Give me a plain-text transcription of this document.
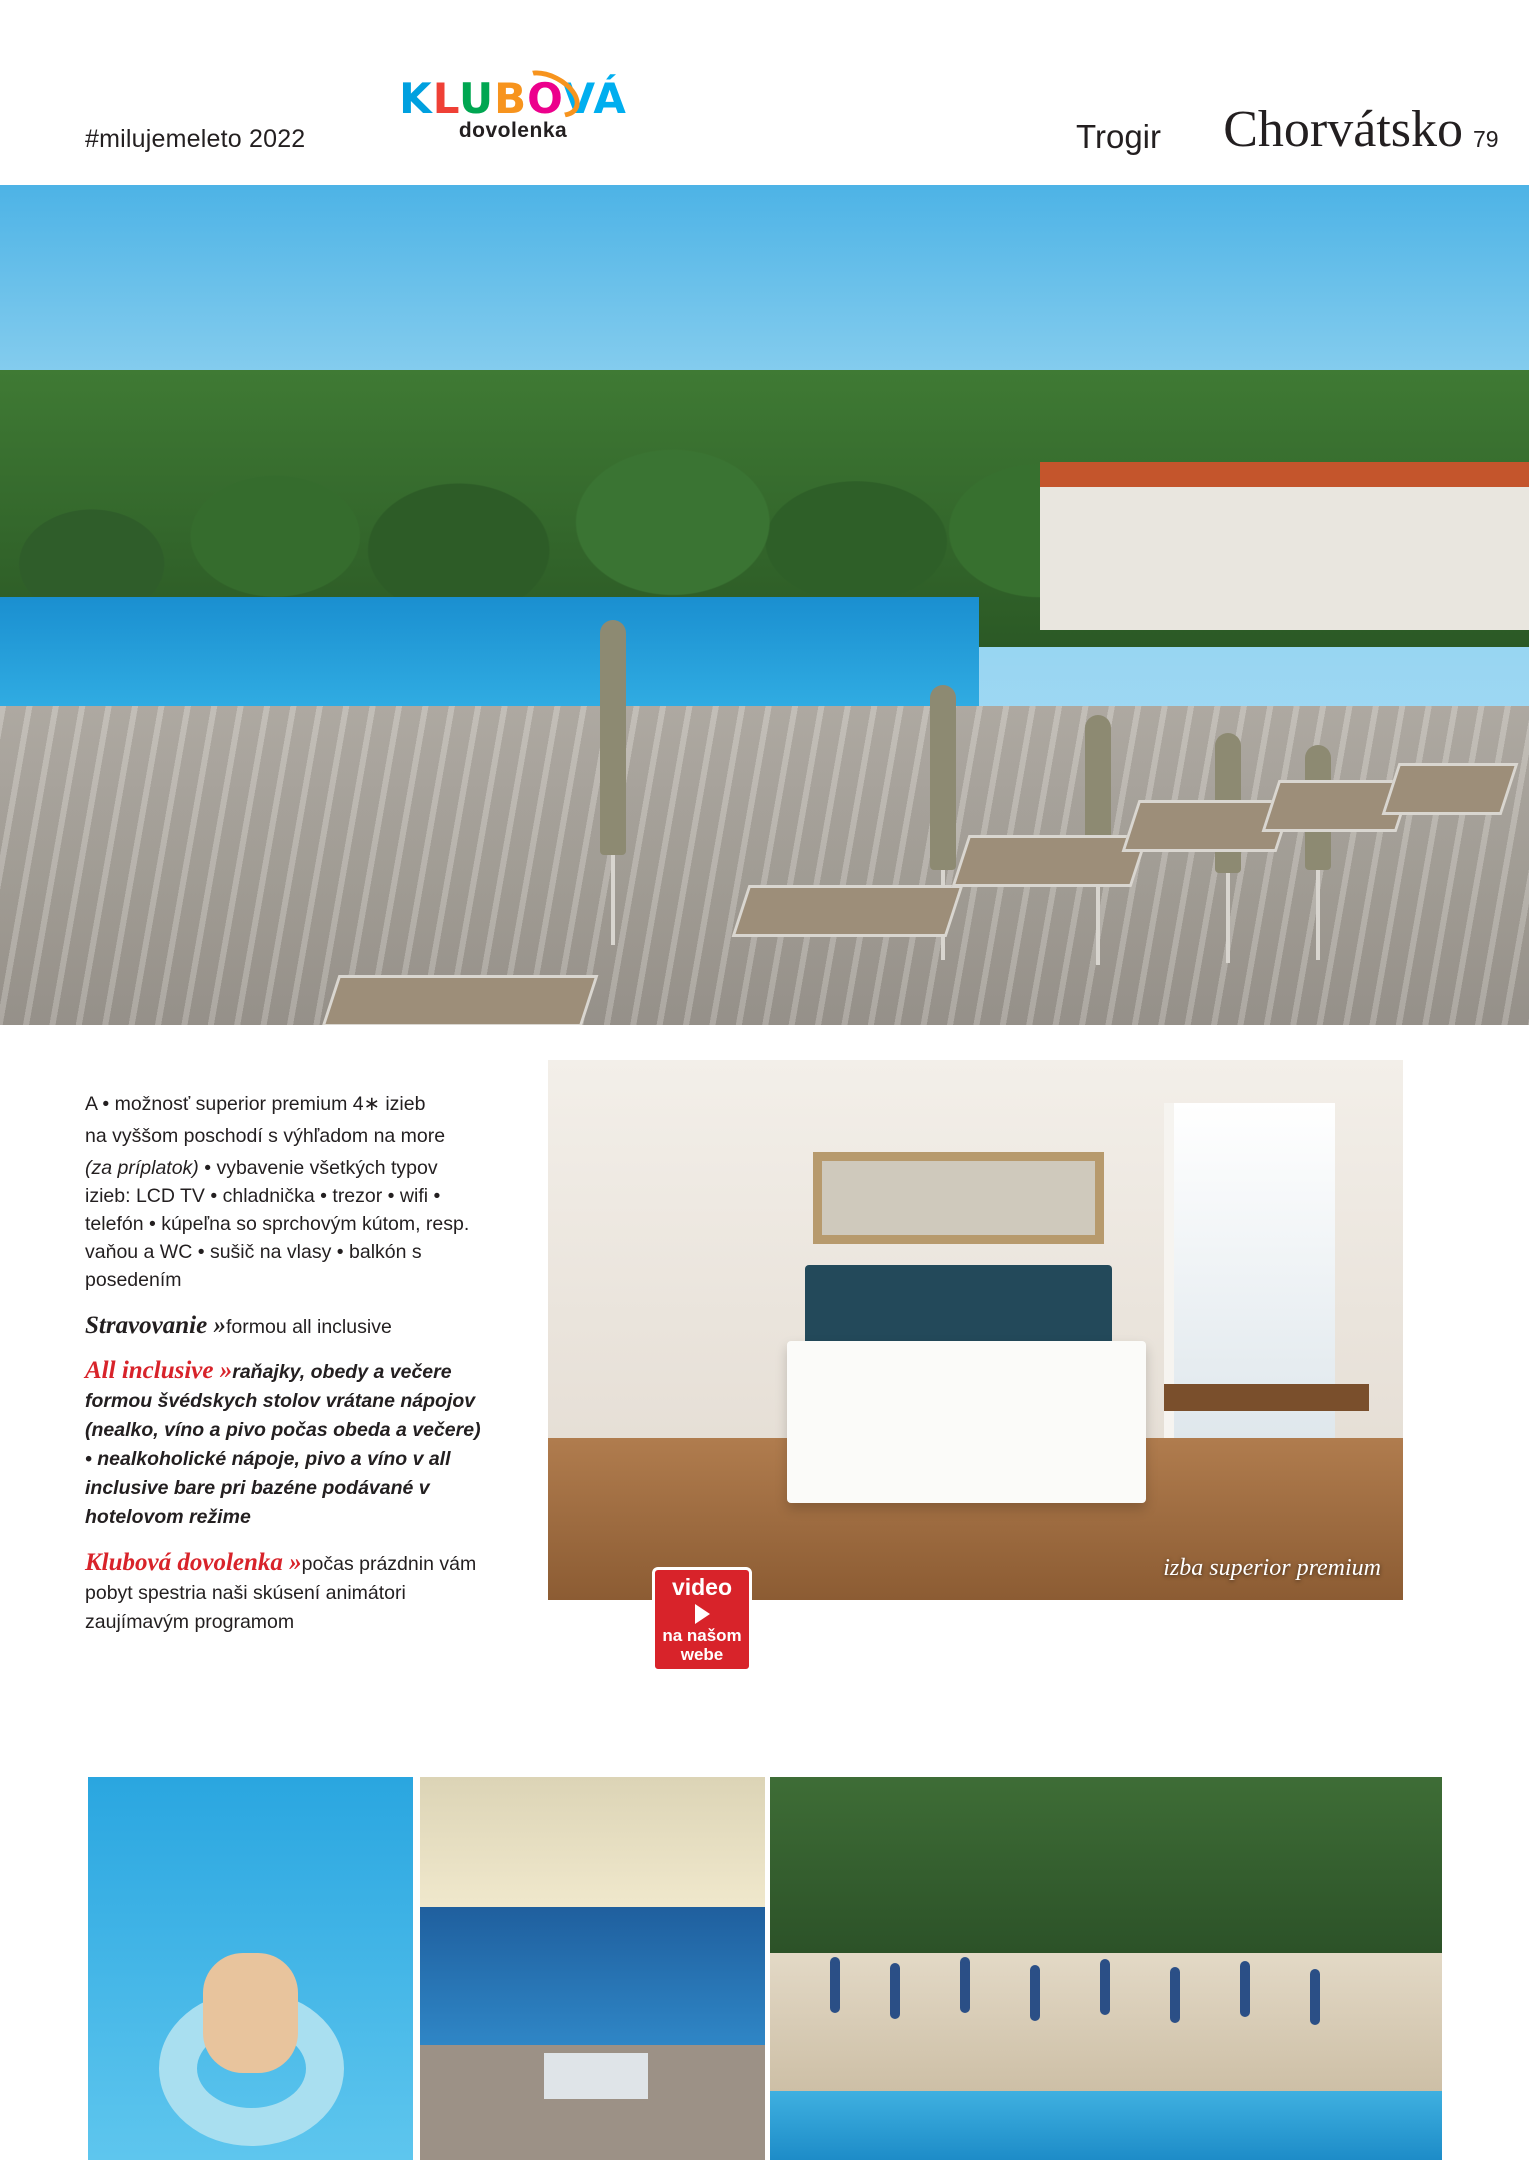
#milujemeleto 2022
KLUBOVÁ
dovolenka	Trogir Chorvátsko 79

A • možnosť superior premium 4∗ izieb

na vyššom poschodí s výhľadom na more

(za príplatok) • vybavenie všetkých typov izieb: LCD TV • chladnička • trezor • wifi • telefón • kúpeľna so sprchovým kútom, resp. vaňou a WC • sušič na vlasy • balkón s posedením

Stravovanie »formou all inclusive

All inclusive »raňajky, obedy a večere formou švédskych stolov vrátane nápojov (nealko, víno a pivo počas obeda a večere) • nealkoholické nápoje, pivo a víno v all inclusive bare pri bazéne podávané v hotelovom režime

Klubová dovolenka »počas prázdnin vám pobyt spestria naši skúsení animátori zaujímavým programom

izba superior premium
video
na našom
webe
